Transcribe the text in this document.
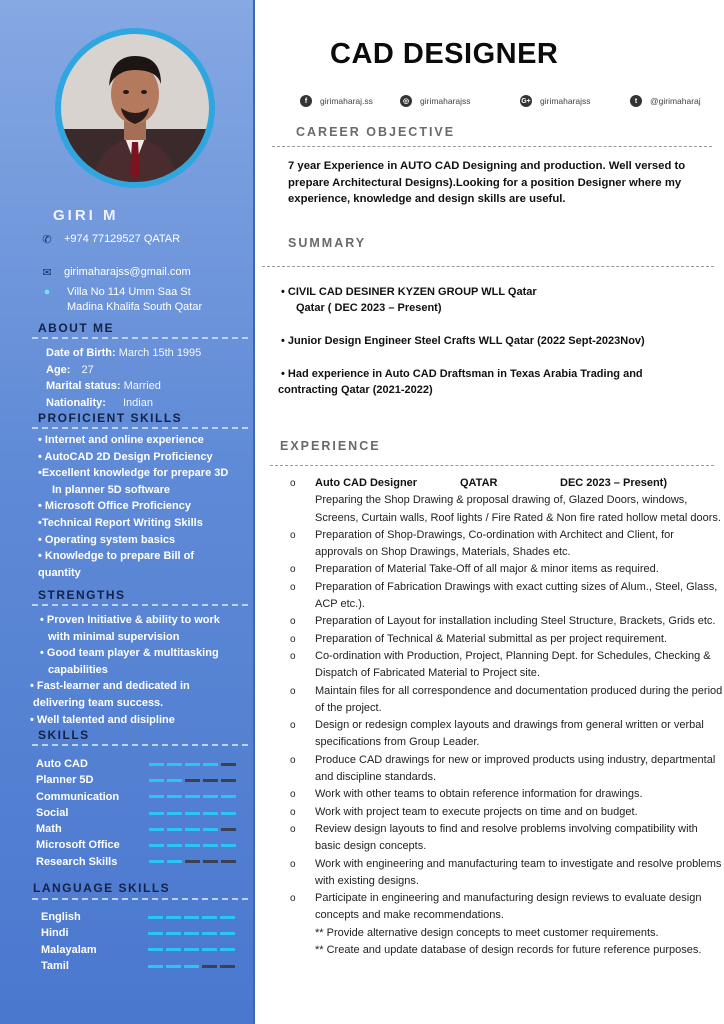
GIRI M
✆ +974 77129527 QATAR
✉ girimaharajss@gmail.com
●	Villa No 114 Umm Saa St
Madina Khalifa South Qatar
ABOUT ME
Date of Birth: March 15th 1995
Age: 27
Marital status: Married
Nationality: Indian
PROFICIENT SKILLS
• Internet and online experience
• AutoCAD 2D Design Proficiency
•Excellent knowledge for prepare 3D
In planner 5D software
• Microsoft Office Proficiency
•Technical Report Writing Skills
• Operating system basics
• Knowledge to prepare Bill of
quantity
STRENGTHS
• Proven Initiative & ability to work
with minimal supervision
• Good team player & multitasking
capabilities
• Fast-learner and dedicated in
delivering team success.
• Well talented and disipline
SKILLS
Auto CAD
Planner 5D
Communication
Social
Math
Microsoft Office
Research Skills
LANGUAGE SKILLS
English
Hindi
Malayalam
Tamil
CAD DESIGNER
f	girimaharaj.ss	◎	girimaharajss	G+ girimaharajss	t	@girimaharaj
CAREER OBJECTIVE
7 year Experience in AUTO CAD Designing and production. Well versed to prepare Architectural Designs).Looking for a position Designer where my experience, knowledge and design skills are useful.
SUMMARY

• CIVIL CAD DESINER KYZEN GROUP WLL Qatar

Qatar ( DEC 2023 – Present)

• Junior Design Engineer Steel Crafts WLL Qatar (2022 Sept-2023Nov)

• Had experience in Auto CAD Draftsman in Texas Arabia Trading and

contracting Qatar (2021-2022)

EXPERIENCE
o	Auto CAD Designer	QATAR	DEC 2023 – Present)
Preparing the Shop Drawing & proposal drawing of, Glazed Doors, windows, Screens, Curtain walls, Roof lights / Fire Rated & Non fire rated hollow metal doors.
o	Preparation of Shop-Drawings, Co-ordination with Architect and Client, for approvals on Shop Drawings, Materials, Shades etc.
o	Preparation of Material Take-Off of all major & minor items as required.
o	Preparation of Fabrication Drawings with exact cutting sizes of Alum., Steel, Glass, ACP etc.).
o	Preparation of Layout for installation including Steel Structure, Brackets, Grids etc.
o	Preparation of Technical & Material submittal as per project requirement.
o	Co-ordination with Production, Project, Planning Dept. for Schedules, Checking & Dispatch of Fabricated Material to Project site.
o	Maintain files for all correspondence and documentation produced during the period of the project.
o	Design or redesign complex layouts and drawings from general written or verbal specifications from Group Leader.
o	Produce CAD drawings for new or improved products using industry, departmental and discipline standards.
o	Work with other teams to obtain reference information for drawings.
o	Work with project team to execute projects on time and on budget.
o	Review design layouts to find and resolve problems involving compatibility with basic design concepts.
o	Work with engineering and manufacturing team to investigate and resolve problems with existing designs.
o	Participate in engineering and manufacturing design reviews to evaluate design concepts and make recommendations.
** Provide alternative design concepts to meet customer requirements.
** Create and update database of design records for future reference purposes.
